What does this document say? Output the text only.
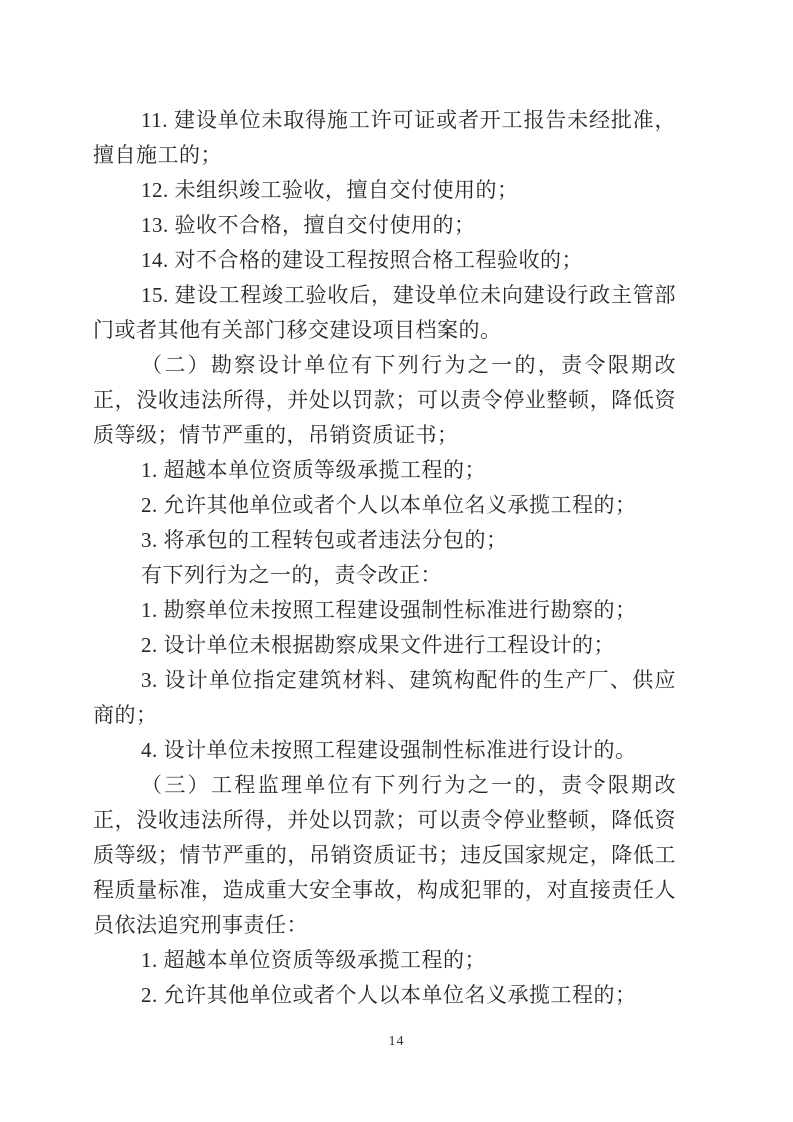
11. 建设单位未取得施工许可证或者开工报告未经批准，擅自施工的；

12. 未组织竣工验收，擅自交付使用的；

13. 验收不合格，擅自交付使用的；

14. 对不合格的建设工程按照合格工程验收的；

15. 建设工程竣工验收后，建设单位未向建设行政主管部门或者其他有关部门移交建设项目档案的。

（二）勘察设计单位有下列行为之一的，责令限期改正，没收违法所得，并处以罚款；可以责令停业整顿，降低资质等级；情节严重的，吊销资质证书；

1. 超越本单位资质等级承揽工程的；

2. 允许其他单位或者个人以本单位名义承揽工程的；

3. 将承包的工程转包或者违法分包的；

有下列行为之一的，责令改正：

1. 勘察单位未按照工程建设强制性标准进行勘察的；

2. 设计单位未根据勘察成果文件进行工程设计的；

3. 设计单位指定建筑材料、建筑构配件的生产厂、供应商的；

4. 设计单位未按照工程建设强制性标准进行设计的。

（三）工程监理单位有下列行为之一的，责令限期改正，没收违法所得，并处以罚款；可以责令停业整顿，降低资质等级；情节严重的，吊销资质证书；违反国家规定，降低工程质量标准，造成重大安全事故，构成犯罪的，对直接责任人员依法追究刑事责任：

1. 超越本单位资质等级承揽工程的；

2. 允许其他单位或者个人以本单位名义承揽工程的；

14
